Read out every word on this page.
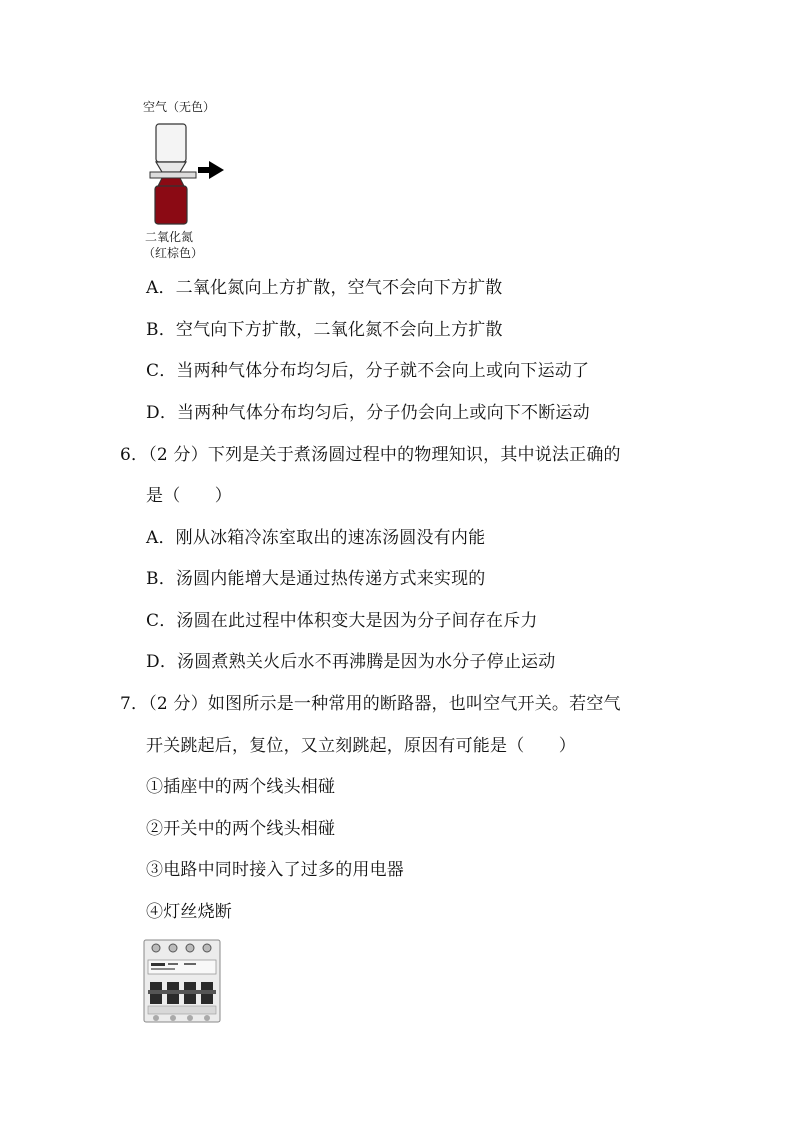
空气（无色）
二氧化氮
（红棕色）
A．二氧化氮向上方扩散，空气不会向下方扩散
B．空气向下方扩散，二氧化氮不会向上方扩散
C．当两种气体分布均匀后，分子就不会向上或向下运动了
D．当两种气体分布均匀后，分子仍会向上或向下不断运动
6．（2 分）下列是关于煮汤圆过程中的物理知识，其中说法正确的
是（　　）
A．刚从冰箱冷冻室取出的速冻汤圆没有内能
B．汤圆内能增大是通过热传递方式来实现的
C．汤圆在此过程中体积变大是因为分子间存在斥力
D．汤圆煮熟关火后水不再沸腾是因为水分子停止运动
7．（2 分）如图所示是一种常用的断路器，也叫空气开关。若空气
开关跳起后，复位，又立刻跳起，原因有可能是（　　）
①插座中的两个线头相碰
②开关中的两个线头相碰
③电路中同时接入了过多的用电器
④灯丝烧断
